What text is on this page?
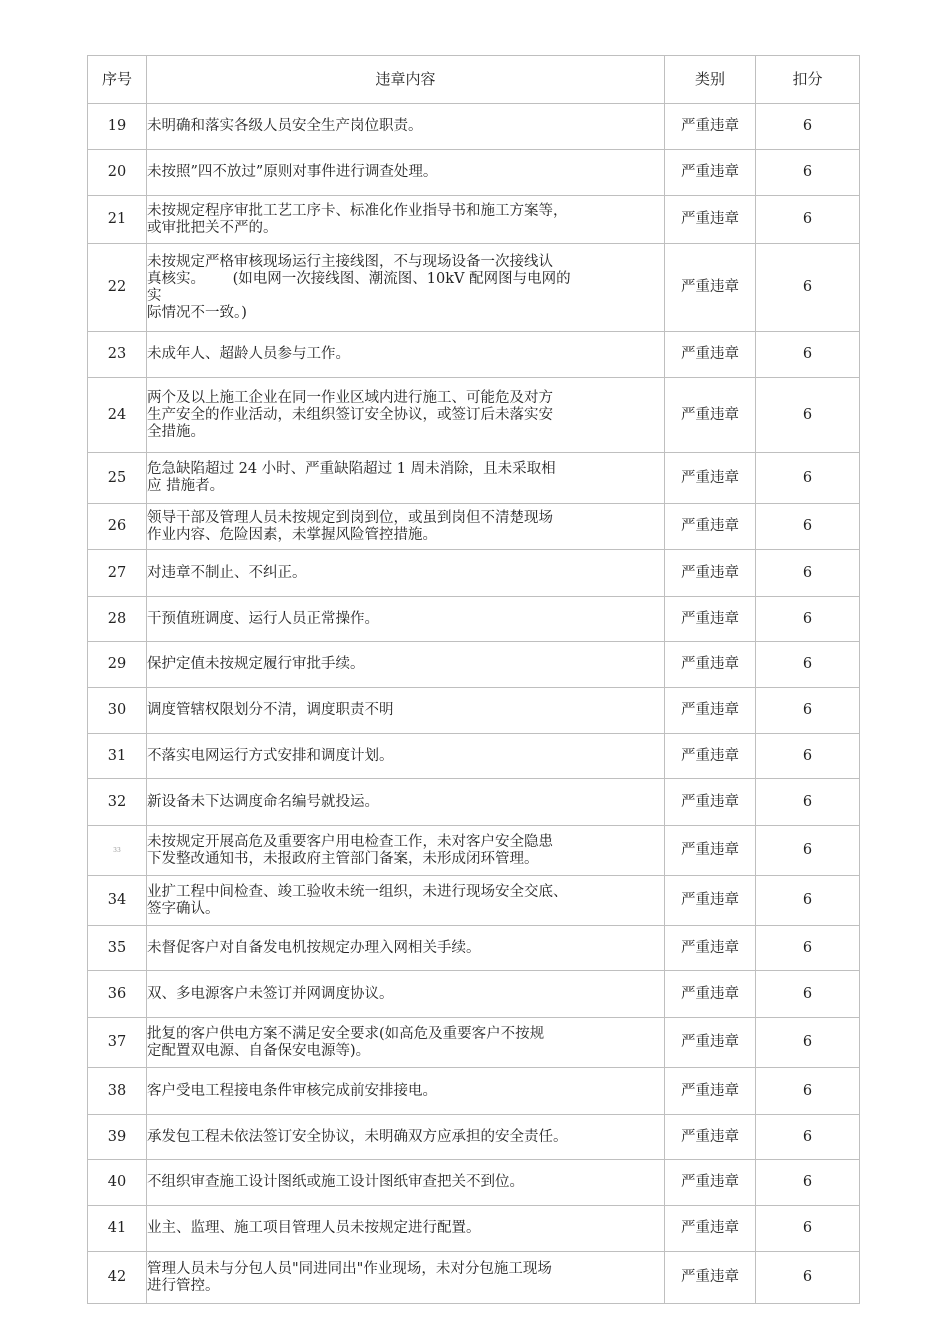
序号	违章内容	类别	扣分
19	未明确和落实各级人员安全生产岗位职责。	严重违章	6
20	未按照”四不放过”原则对事件进行调查处理。	严重违章	6
21	未按规定程序审批工艺工序卡、标准化作业指导书和施工方案等，
或审批把关不严的。	严重违章	6
22	未按规定严格审核现场运行主接线图，不与现场设备一次接线认
真核实。      (如电网一次接线图、潮流图、10kV 配网图与电网的
实
际情况不一致。)	严重违章	6
23	未成年人、超龄人员参与工作。	严重违章	6
24	两个及以上施工企业在同一作业区域内进行施工、可能危及对方
生产安全的作业活动，未组织签订安全协议，或签订后未落实安
全措施。	严重违章	6
25	危急缺陷超过 24 小时、严重缺陷超过 1 周未消除，且未采取相
应 措施者。	严重违章	6
26	领导干部及管理人员未按规定到岗到位，或虽到岗但不清楚现场
作业内容、危险因素，未掌握风险管控措施。	严重违章	6
27	对违章不制止、不纠正。	严重违章	6
28	干预值班调度、运行人员正常操作。	严重违章	6
29	保护定值未按规定履行审批手续。	严重违章	6
30	调度管辖权限划分不清，调度职责不明	严重违章	6
31	不落实电网运行方式安排和调度计划。	严重违章	6
32	新设备未下达调度命名编号就投运。	严重违章	6
33	未按规定开展高危及重要客户用电检查工作，未对客户安全隐患
下发整改通知书，未报政府主管部门备案，未形成闭环管理。	严重违章	6
34	业扩工程中间检查、竣工验收未统一组织，未进行现场安全交底、
签字确认。	严重违章	6
35	未督促客户对自备发电机按规定办理入网相关手续。	严重违章	6
36	双、多电源客户未签订并网调度协议。	严重违章	6
37	批复的客户供电方案不满足安全要求(如高危及重要客户不按规
定配置双电源、自备保安电源等)。	严重违章	6
38	客户受电工程接电条件审核完成前安排接电。	严重违章	6
39	承发包工程未依法签订安全协议，未明确双方应承担的安全责任。	严重违章	6
40	不组织审查施工设计图纸或施工设计图纸审查把关不到位。	严重违章	6
41	业主、监理、施工项目管理人员未按规定进行配置。	严重违章	6
42	管理人员未与分包人员"同进同出"作业现场，未对分包施工现场
进行管控。	严重违章	6
